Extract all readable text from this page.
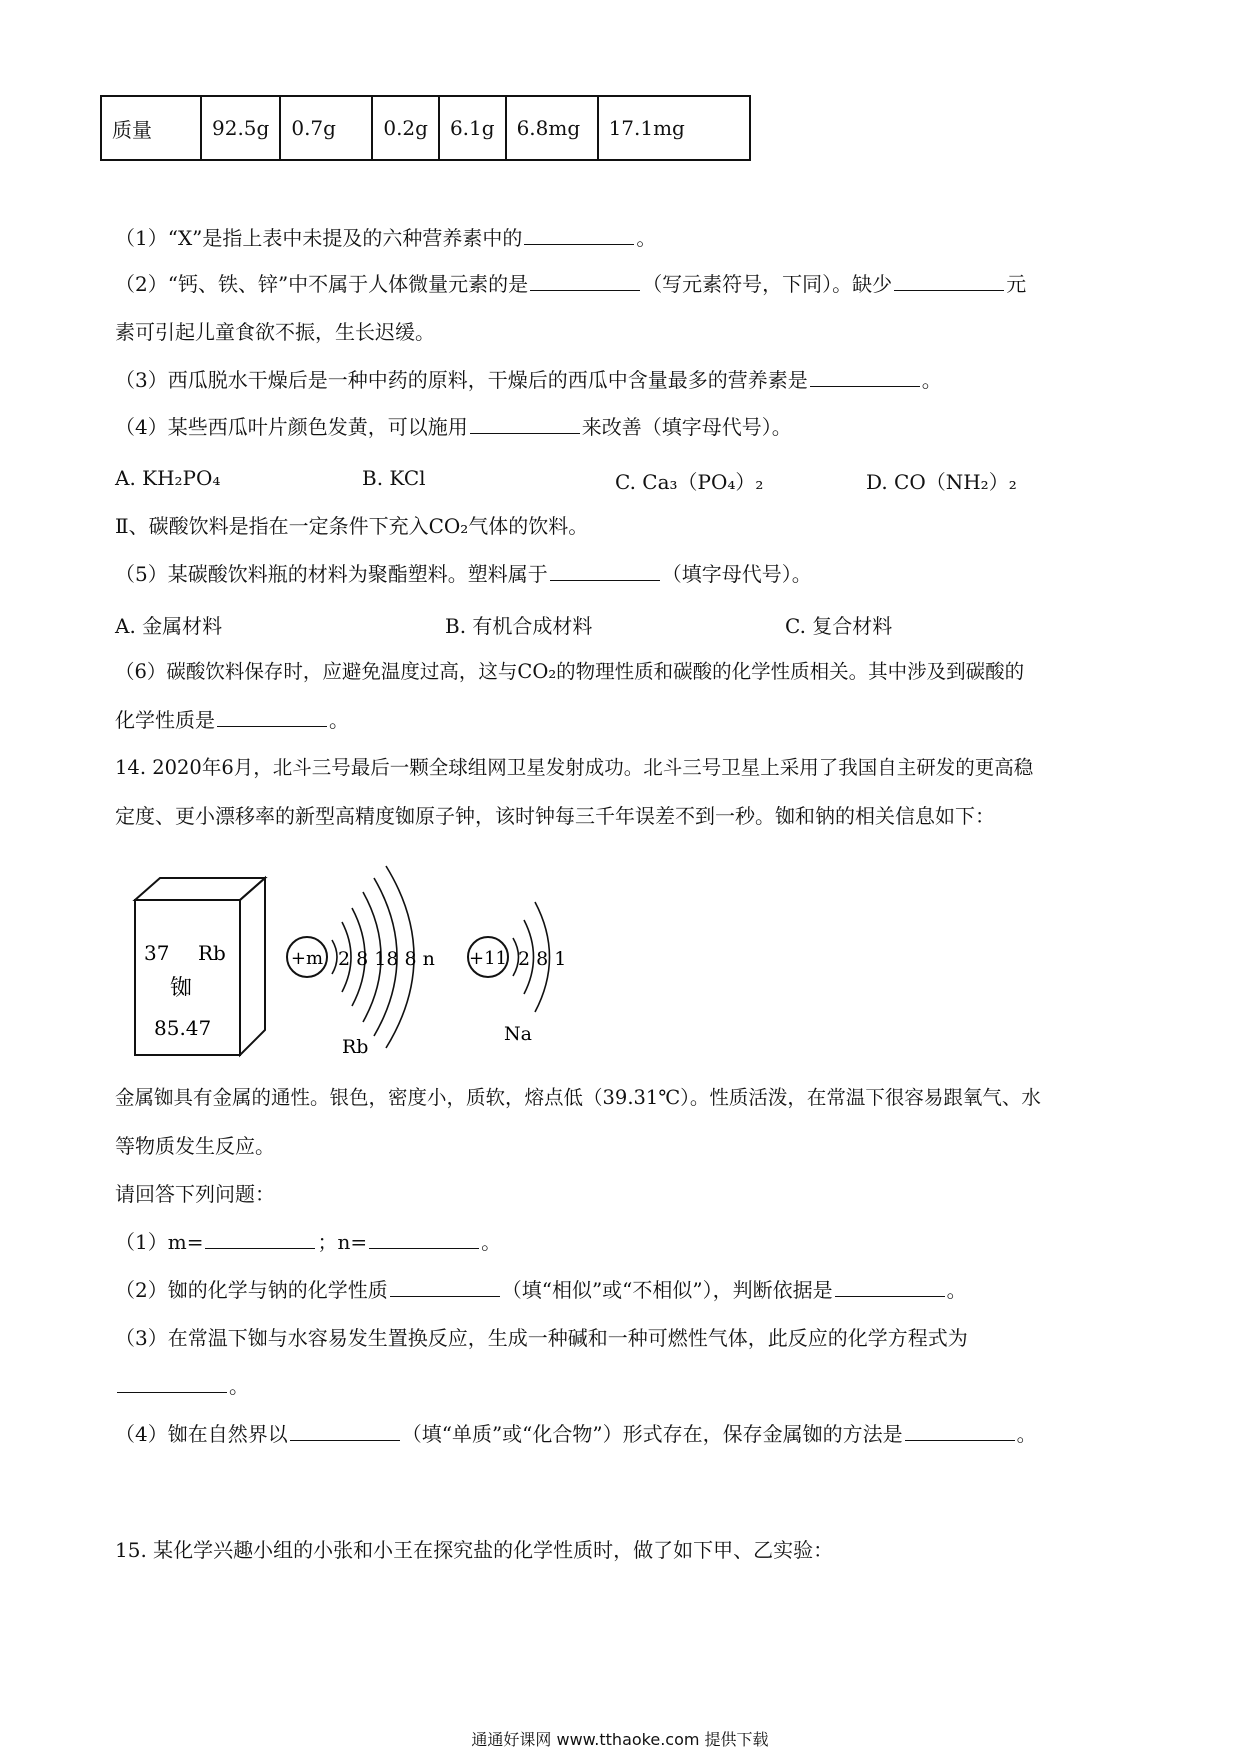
质量	92.5g	0.7g	0.2g	6.1g	6.8mg	17.1mg
（1）“X”是指上表中未提及的六种营养素中的	。
（2）“钙、铁、锌”中不属于人体微量元素的是	（写元素符号，下同）。缺少	元
素可引起儿童食欲不振，生长迟缓。
（3）西瓜脱水干燥后是一种中药的原料，干燥后的西瓜中含量最多的营养素是	。
（4）某些西瓜叶片颜色发黄，可以施用	来改善（填字母代号）。
A. KH₂PO₄	B. KCl	C. Ca₃（PO₄）₂	D. CO（NH₂）₂
Ⅱ、碳酸饮料是指在一定条件下充入CO₂气体的饮料。
（5）某碳酸饮料瓶的材料为聚酯塑料。塑料属于	（填字母代号）。
A. 金属材料	B. 有机合成材料	C. 复合材料
（6）碳酸饮料保存时，应避免温度过高，这与CO₂的物理性质和碳酸的化学性质相关。其中涉及到碳酸的
化学性质是	。
14. 2020年6月，北斗三号最后一颗全球组网卫星发射成功。北斗三号卫星上采用了我国自主研发的更高稳
定度、更小漂移率的新型高精度铷原子钟，该时钟每三千年误差不到一秒。铷和钠的相关信息如下：
37 Rb
铷
85.47
+m 2 8 18 8 n
Rb
+11 2 8 1
Na
金属铷具有金属的通性。银色，密度小，质软，熔点低（39.31℃）。性质活泼，在常温下很容易跟氧气、水
等物质发生反应。
请回答下列问题：
（1）m=	；n=	。
（2）铷的化学与钠的化学性质	（填“相似”或“不相似”），判断依据是	。
（3）在常温下铷与水容易发生置换反应，生成一种碱和一种可燃性气体，此反应的化学方程式为
。
（4）铷在自然界以	（填“单质”或“化合物”）形式存在，保存金属铷的方法是	。
15. 某化学兴趣小组的小张和小王在探究盐的化学性质时，做了如下甲、乙实验：
通通好课网 www.tthaoke.com 提供下载
